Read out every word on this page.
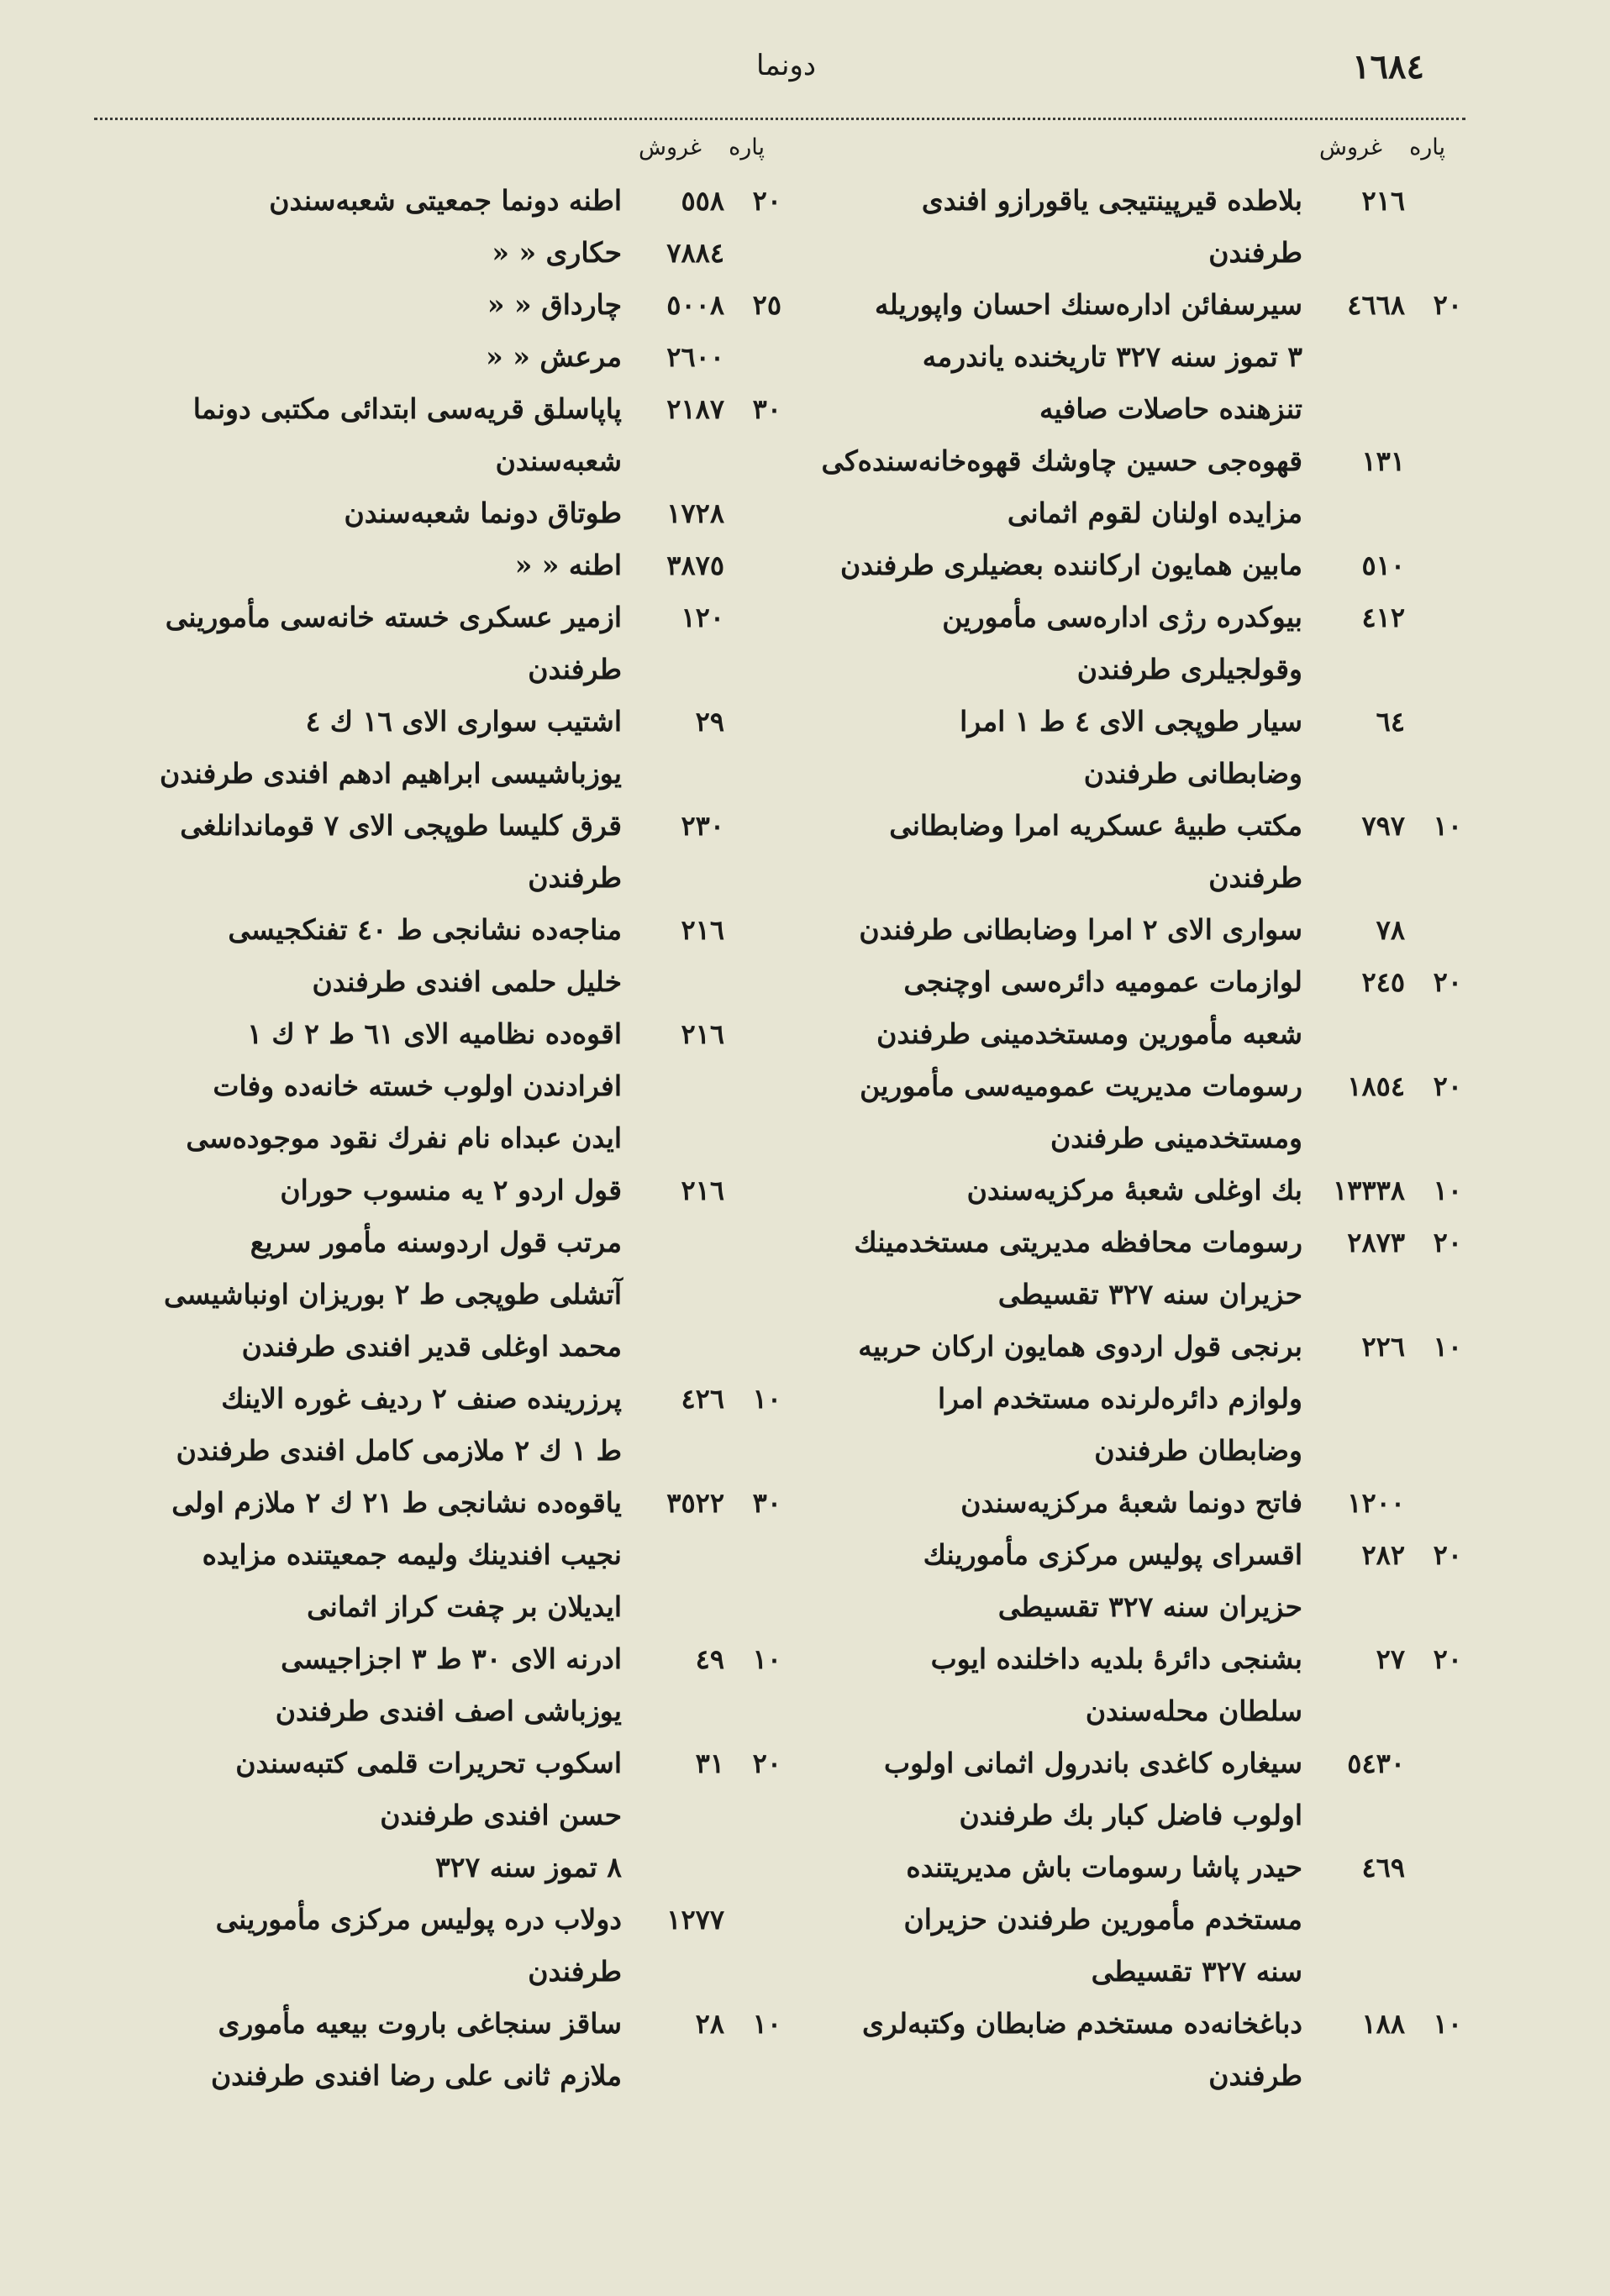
دونما	١٦٨٤
پاره
غروش
٢١٦
بلاطده قیرپینتیجی یاقورازو افندی
طرفندن
٢٠
٤٦٦٨
سیرسفائن اداره‌سنك احسان واپوریله
٣ تموز سنه ٣٢٧ تاریخنده یاندرمه
تنزهنده حاصلات صافیه
١٣١
قهوه‌جی حسین چاوشك قهوه‌خانه‌سنده‌کی
مزایده اولنان لقوم اثمانی
٥١٠
مابین همایون ارکاننده بعضیلری طرفندن
٤١٢
بیوکدره رژی اداره‌سی مأمورین
وقولجیلری طرفندن
٦٤
سیار طوپجی الای ٤ ط ١ امرا
وضابطانی طرفندن
١٠
٧٩٧
مکتب طبیهٔ عسکریه امرا وضابطانی
طرفندن
٧٨
سواری الای ٢ امرا وضابطانی طرفندن
٢٠
٢٤٥
لوازمات عمومیه دائره‌سی اوچنجی
شعبه مأمورین ومستخدمینی طرفندن
٢٠
١٨٥٤
رسومات مدیریت عمومیه‌سی مأمورین
ومستخدمینی طرفندن
١٠
١٣٣٣٨
بك اوغلی شعبهٔ مرکزیه‌سندن
٢٠
٢٨٧٣
رسومات محافظه مدیریتی مستخدمینك
حزیران سنه ٣٢٧ تقسیطی
١٠
٢٢٦
برنجی قول اردوی همایون ارکان حربیه
ولوازم دائره‌لرنده مستخدم امرا
وضابطان طرفندن
١٢٠٠
فاتح دونما شعبهٔ مرکزیه‌سندن
٢٠
٢٨٢
اقسرای پولیس مرکزی مأمورینك
حزیران سنه ٣٢٧ تقسیطی
٢٠
٢٧
بشنجی دائرهٔ بلدیه داخلنده ایوب
سلطان محله‌سندن
٥٤٣٠
سیغاره کاغدی باندرول اثمانی اولوب
اولوب فاضل کبار بك طرفندن
٤٦٩
حیدر پاشا رسومات باش مدیریتنده
مستخدم مأمورین طرفندن حزیران
سنه ٣٢٧ تقسیطی
١٠
١٨٨
دباغخانه‌ده مستخدم ضابطان وکتبه‌لری
طرفندن
پاره
غروش
٢٠
٥٥٨
اطنه دونما جمعیتی شعبه‌سندن
٧٨٨٤
حکاری « «
٢٥
٥٠٠٨
چارداق « «
٢٦٠٠
مرعش « «
٣٠
٢١٨٧
پاپاسلق قریه‌سی ابتدائی مکتبی دونما
شعبه‌سندن
١٧٢٨
طوتاق دونما شعبه‌سندن
٣٨٧٥
اطنه « «
١٢٠
ازمیر عسکری خسته خانه‌سی مأمورینی
طرفندن
٢٩
اشتیب سواری الای ١٦ ك ٤
یوزباشیسی ابراهیم ادهم افندی طرفندن
٢٣٠
قرق کلیسا طوپجی الای ٧ قوماندانلغی
طرفندن
٢١٦
مناجه‌ده نشانجی ط ٤٠ تفنکجیسی
خلیل حلمی افندی طرفندن
٢١٦
اقوه‌ده نظامیه الای ٦١ ط ٢ ك ١
افرادندن اولوب خسته خانه‌ده وفات
ایدن عبداه نام نفرك نقود موجوده‌سی
٢١٦
قول اردو ٢ یه منسوب حوران
مرتب قول اردوسنه مأمور سریع
آتشلی طوپجی ط ٢ بوریزان اونباشیسی
محمد اوغلی قدیر افندی طرفندن
١٠
٤٢٦
پرزرینده صنف ٢ ردیف غوره الاینك
ط ١ ك ٢ ملازمی کامل افندی طرفندن
٣٠
٣٥٢٢
یاقوه‌ده نشانجی ط ٢١ ك ٢ ملازم اولی
نجیب افندینك ولیمه جمعیتنده مزایده
ایدیلان بر چفت کراز اثمانی
١٠
٤٩
ادرنه الای ٣٠ ط ٣ اجزاجیسی
یوزباشی اصف افندی طرفندن
٢٠
٣١
اسکوب تحریرات قلمی کتبه‌سندن
حسن افندی طرفندن
٨ تموز سنه ٣٢٧
١٢٧٧
دولاب دره پولیس مرکزی مأمورینی
طرفندن
١٠
٢٨
ساقز سنجاغی باروت بیعیه مأموری
ملازم ثانی علی رضا افندی طرفندن
